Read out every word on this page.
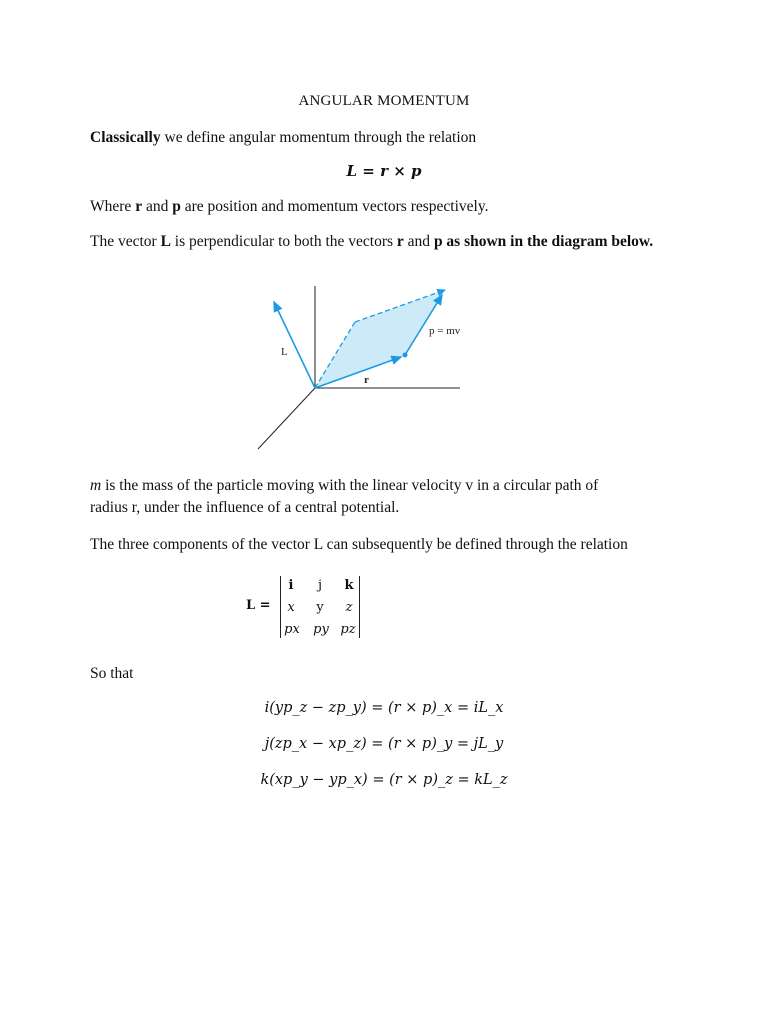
ANGULAR MOMENTUM
Classically we define angular momentum through the relation
L = r × p
Where r and p are position and momentum vectors respectively.
The vector L is perpendicular to both the vectors r and p as shown in the diagram below.
L
r
p = mv
m is the mass of the particle moving with the linear velocity v in a circular path of
radius r, under the influence of a central potential.
The three components of the vector L can subsequently be defined through the relation
L =
i	j	k
x	y	z
px	py pz
So that
i(yp_z − zp_y) = (r × p)_x = iL_x
j(zp_x − xp_z) = (r × p)_y = jL_y
k(xp_y − yp_x) = (r × p)_z = kL_z
